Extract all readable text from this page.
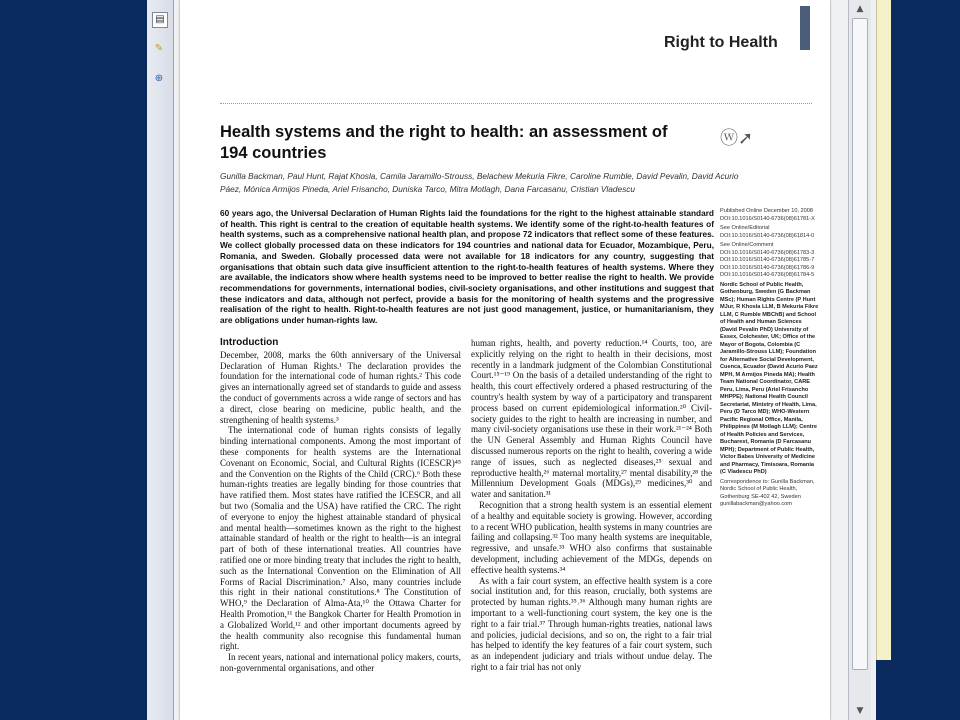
▤
✎
⊕
Right to Health
Health systems and the right to health: an assessment of 194 countries
ⓦ➚
Gunilla Backman, Paul Hunt, Rajat Khosla, Camila Jaramillo-Strouss, Belachew Mekuria Fikre, Caroline Rumble, David Pevalin, David Acurio Páez, Mónica Armijos Pineda, Ariel Frisancho, Duniska Tarco, Mitra Motlagh, Dana Farcasanu, Cristian Vladescu
60 years ago, the Universal Declaration of Human Rights laid the foundations for the right to the highest attainable standard of health. This right is central to the creation of equitable health systems. We identify some of the right-to-health features of health systems, such as a comprehensive national health plan, and propose 72 indicators that reflect some of these features. We collect globally processed data on these indicators for 194 countries and national data for Ecuador, Mozambique, Peru, Romania, and Sweden. Globally processed data were not available for 18 indicators for any country, suggesting that organisations that obtain such data give insufficient attention to the right-to-health features of health systems. Where they are available, the indicators show where health systems need to be improved to better realise the right to health. We provide recommendations for governments, international bodies, civil-society organisations, and other institutions and suggest that these indicators and data, although not perfect, provide a basis for the monitoring of health systems and the progressive realisation of the right to health. Right-to-health features are not just good management, justice, or humanitarianism, they are obligations under human-rights law.
Published Online December 10, 2008 DOI:10.1016/S0140-6736(08)61781-X
See Online/Editorial DOI:10.1016/S0140-6736(08)61814-0
See Online/Comment DOI:10.1016/S0140-6736(08)61783-3 DOI:10.1016/S0140-6736(08)61785-7 DOI:10.1016/S0140-6736(08)61786-9 DOI:10.1016/S0140-6736(08)61784-5
Nordic School of Public Health, Gothenburg, Sweden (G Backman MSc); Human Rights Centre (P Hunt MJur, R Khosla LLM, B Mekuria Fikre LLM, C Rumble MBChB) and School of Health and Human Sciences (David Pevalin PhD) University of Essex, Colchester, UK; Office of the Mayor of Bogota, Colombia (C Jaramillo-Strouss LLM); Foundation for Alternative Social Development, Cuenca, Ecuador (David Acurio Paez MPH, M Armijos Pineda MA); Health Team National Coordinator, CARE Peru, Lima, Peru (Ariel Frisancho MHPPE); National Health Council Secretariat, Ministry of Health, Lima, Peru (D Tarco MD); WHO-Western Pacific Regional Office, Manila, Philippines (M Motlagh LLM); Centre of Health Policies and Services, Bucharest, Romania (D Farcasanu MPH); Department of Public Health, Victor Babes University of Medicine and Pharmacy, Timisoara, Romania (C Vladescu PhD)
Correspondence to: Gunilla Backman, Nordic School of Public Health, Gothenburg SE-402 42, Sweden gunillabackman@yahoo.com
Introduction

December, 2008, marks the 60th anniversary of the Universal Declaration of Human Rights.¹ The declaration provides the foundation for the international code of human rights.² This code gives an internationally agreed set of standards to guide and assess the conduct of governments across a wide range of sectors and has a direct, close bearing on medicine, public health, and the strengthening of health systems.³

The international code of human rights consists of legally binding international components. Among the most important of these components for health systems are the International Covenant on Economic, Social, and Cultural Rights (ICESCR)⁴⁵ and the Convention on the Rights of the Child (CRC).⁶ Both these human-rights treaties are legally binding for those countries that have ratified them. Most states have ratified the ICESCR, and all but two (Somalia and the USA) have ratified the CRC. The right of everyone to enjoy the highest attainable standard of physical and mental health—sometimes known as the right to the highest attainable standard of health or the right to health—is an integral part of both of these international treaties. All countries have ratified one or more binding treaty that includes the right to health, such as the International Convention on the Elimination of All Forms of Racial Discrimination.⁷ Also, many countries include this right in their national constitutions.⁸ The Constitution of WHO,⁹ the Declaration of Alma-Ata,¹⁰ the Ottawa Charter for Health Promotion,¹¹ the Bangkok Charter for Health Promotion in a Globalized World,¹² and other important documents agreed by the health community also recognise this fundamental human right.

In recent years, national and international policy makers, courts, non-governmental organisations, and other

human rights, health, and poverty reduction.¹⁴ Courts, too, are explicitly relying on the right to health in their decisions, most recently in a landmark judgment of the Colombian Constitutional Court.¹⁵⁻¹⁹ On the basis of a detailed understanding of the right to health, this court effectively ordered a phased restructuring of the country's health system by way of a participatory and transparent process based on current epidemiological information.²⁰ Civil-society guides to the right to health are increasing in number, and many civil-society organisations use these in their work.²¹⁻²⁴ Both the UN General Assembly and Human Rights Council have discussed numerous reports on the right to health, covering a wide range of issues, such as neglected diseases,²⁵ sexual and reproductive health,²⁶ maternal mortality,²⁷ mental disability,²⁸ the Millennium Development Goals (MDGs),²⁹ medicines,³⁰ and water and sanitation.³¹

Recognition that a strong health system is an essential element of a healthy and equitable society is growing. However, according to a recent WHO publication, health systems in many countries are failing and collapsing.³² Too many health systems are inequitable, regressive, and unsafe.³³ WHO also confirms that sustainable development, including achievement of the MDGs, depends on effective health systems.³⁴

As with a fair court system, an effective health system is a core social institution and, for this reason, crucially, both systems are protected by human rights.³⁵˒³⁶ Although many human rights are important to a well-functioning court system, the key one is the right to a fair trial.³⁷ Through human-rights treaties, national laws and policies, judicial decisions, and so on, the right to a fair trial has helped to identify the key features of a fair court system, such as an independent judiciary and trials without undue delay. The right to a fair trial has not only

▲
▼
